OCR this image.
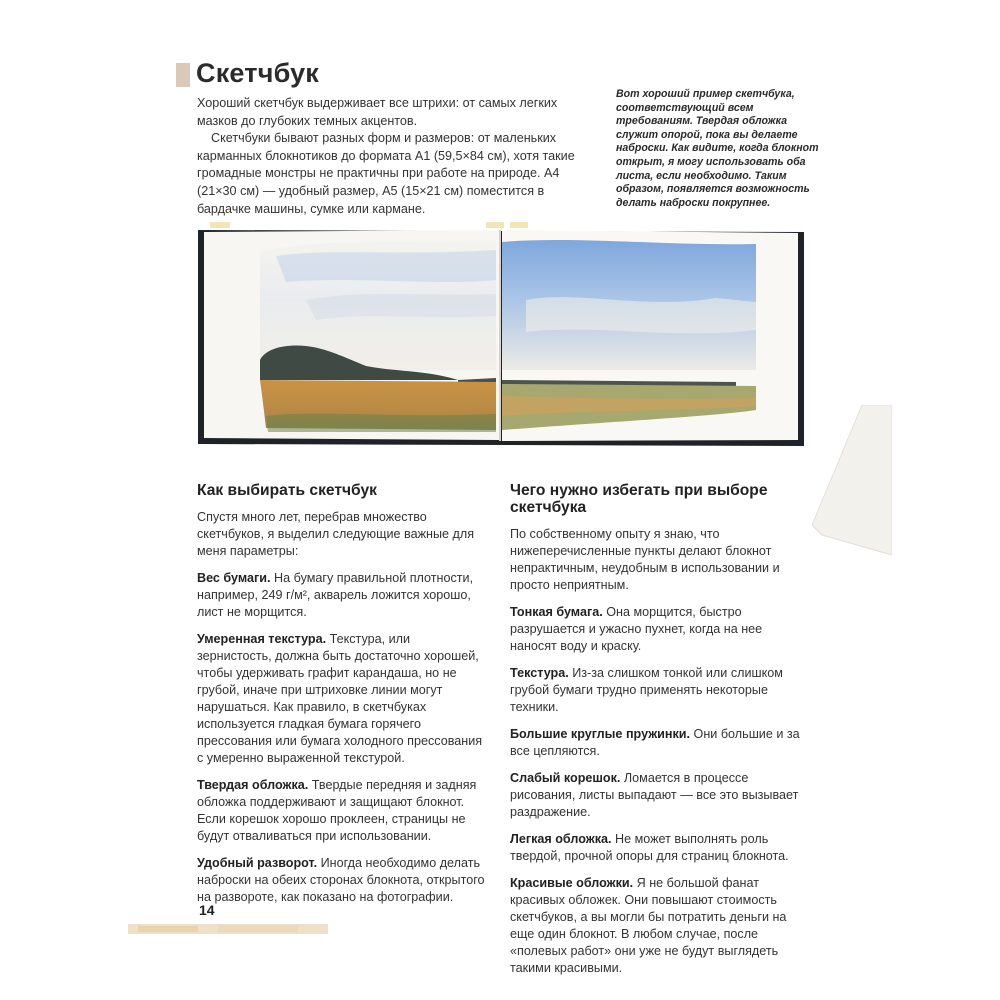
Скетчбук

Хороший скетчбук выдерживает все штрихи: от самых легких мазков до глубоких темных акцентов.

Скетчбуки бывают разных форм и размеров: от маленьких карманных блокнотиков до формата А1 (59,5×84 см), хотя такие громадные монстры не практичны при работе на природе. А4 (21×30 см) — удобный размер, А5 (15×21 см) поместится в бардачке машины, сумке или кармане.

Вот хороший пример скетчбука, соответствующий всем требованиям. Твердая обложка служит опорой, пока вы делаете наброски. Как видите, когда блокнот открыт, я могу использовать оба листа, если необходимо. Таким образом, появляется возможность делать наброски покрупнее.
Как выбирать скетчбук

Спустя много лет, перебрав множество скетчбуков, я выделил следующие важные для меня параметры:

Вес бумаги. На бумагу правильной плотности, например, 249 г/м², акварель ложится хорошо, лист не морщится.

Умеренная текстура. Текстура, или зернистость, должна быть достаточно хорошей, чтобы удерживать графит карандаша, но не грубой, иначе при штриховке линии могут нарушаться. Как правило, в скетчбуках используется гладкая бумага горячего прессования или бумага холодного прессования с умеренно выраженной текстурой.

Твердая обложка. Твердые передняя и задняя обложка поддерживают и защищают блокнот. Если корешок хорошо проклеен, страницы не будут отваливаться при использовании.

Удобный разворот. Иногда необходимо делать наброски на обеих сторонах блокнота, открытого на развороте, как показано на фотографии.

Чего нужно избегать при выборе скетчбука

По собственному опыту я знаю, что нижеперечисленные пункты делают блокнот непрактичным, неудобным в использовании и просто неприятным.

Тонкая бумага. Она морщится, быстро разрушается и ужасно пухнет, когда на нее наносят воду и краску.

Текстура. Из-за слишком тонкой или слишком грубой бумаги трудно применять некоторые техники.

Большие круглые пружинки. Они большие и за все цепляются.

Слабый корешок. Ломается в процессе рисования, листы выпадают — все это вызывает раздражение.

Легкая обложка. Не может выполнять роль твердой, прочной опоры для страниц блокнота.

Красивые обложки. Я не большой фанат красивых обложек. Они повышают стоимость скетчбуков, а вы могли бы потратить деньги на еще один блокнот. В любом случае, после «полевых работ» они уже не будут выглядеть такими красивыми.

14
